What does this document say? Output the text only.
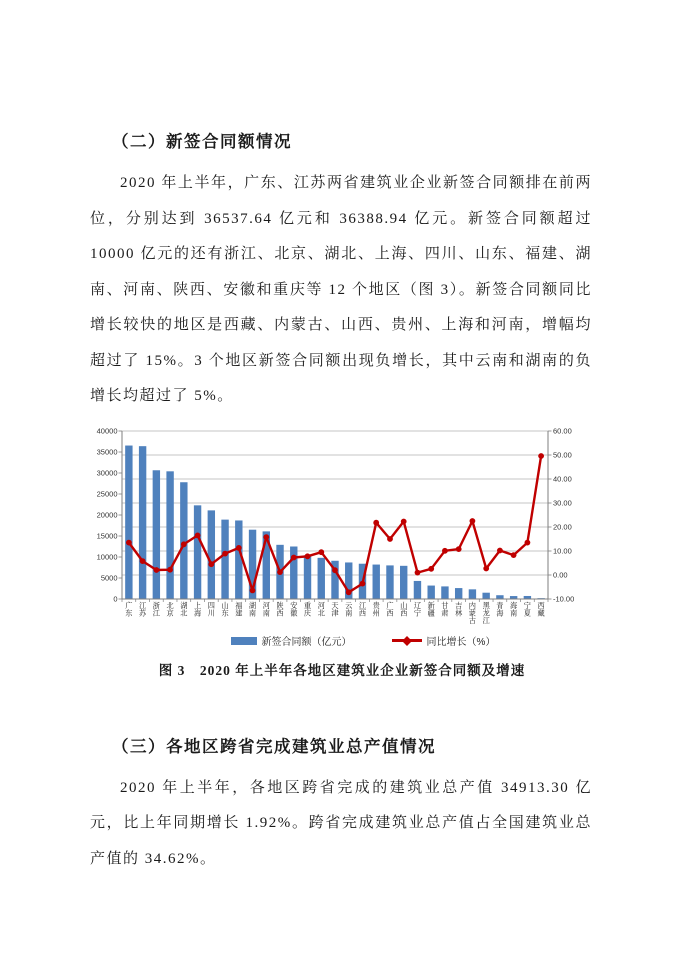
（二）新签合同额情况

2020 年上半年，广东、江苏两省建筑业企业新签合同额排在前两位，分别达到 36537.64 亿元和 36388.94 亿元。新签合同额超过 10000 亿元的还有浙江、北京、湖北、上海、四川、山东、福建、湖南、河南、陕西、安徽和重庆等 12 个地区（图 3）。新签合同额同比增长较快的地区是西藏、内蒙古、山西、贵州、上海和河南，增幅均超过了 15%。3 个地区新签合同额出现负增长，其中云南和湖南的负增长均超过了 5%。

0
5000
10000
15000
20000
25000
30000
35000
40000
-10.00
0.00
10.00
20.00
30.00
40.00
50.00
60.00
广东
江苏
浙江
北京
湖北
上海
四川
山东
福建
湖南
河南
陕西
安徽
重庆
河北
天津
云南
江西
贵州
广西
山西
辽宁
新疆
甘肃
吉林
内蒙古
黑龙江
青海
海南
宁夏
西藏
新签合同额（亿元）	同比增长（%）
图 3　2020 年上半年各地区建筑业企业新签合同额及增速
（三）各地区跨省完成建筑业总产值情况

2020 年上半年，各地区跨省完成的建筑业总产值 34913.30 亿元，比上年同期增长 1.92%。跨省完成建筑业总产值占全国建筑业总产值的 34.62%。
